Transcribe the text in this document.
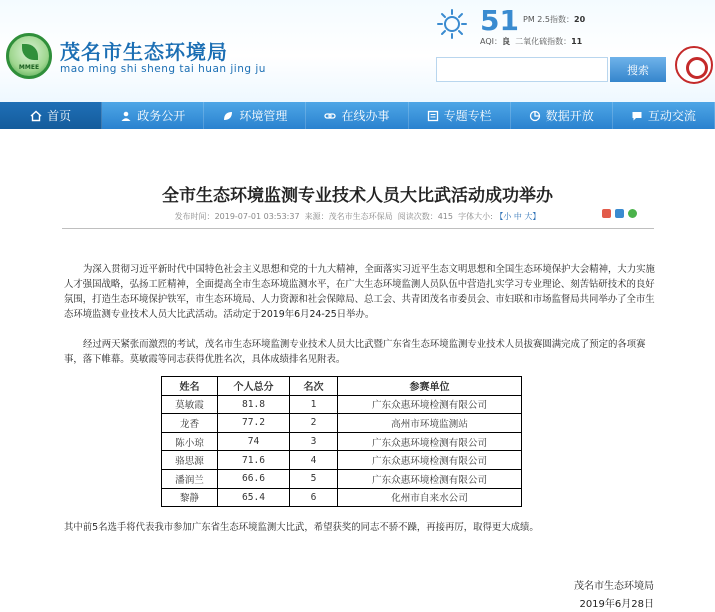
MMEE
茂名市生态环境局
mao ming shi sheng tai huan jing ju
51 PM 2.5指数：20
AQI：良 二氧化硫指数：11
搜索
首页	政务公开	环境管理	在线办事	专题专栏	数据开放	互动交流
全市生态环境监测专业技术人员大比武活动成功举办
发布时间：2019-07-01 03:53:37 来源：茂名市生态环保局 阅读次数：415 字体大小: 【小 中 大】

为深入贯彻习近平新时代中国特色社会主义思想和党的十九大精神，全面落实习近平生态文明思想和全国生态环境保护大会精神，大力实施人才强国战略，弘扬工匠精神，全面提高全市生态环境监测水平，在广大生态环境监测人员队伍中营造扎实学习专业理论、刻苦钻研技术的良好氛围，打造生态环境保护铁军，市生态环境局、人力资源和社会保障局、总工会、共青团茂名市委员会、市妇联和市场监督局共同举办了全市生态环境监测专业技术人员大比武活动。活动定于2019年6月24-25日举办。

经过两天紧张而激烈的考试，茂名市生态环境监测专业技术人员大比武暨广东省生态环境监测专业技术人员拔赛圆满完成了预定的各项赛事，落下帷幕。莫敏霞等同志获得优胜名次，具体成绩排名见附表。

姓名	个人总分	名次	参赛单位
莫敏霞	81.8	1	广东众惠环境检测有限公司
龙香	77.2	2	高州市环境监测站
陈小琼	74	3	广东众惠环境检测有限公司
骆思源	71.6	4	广东众惠环境检测有限公司
潘润兰	66.6	5	广东众惠环境检测有限公司
黎静	65.4	6	化州市自来水公司

其中前5名选手将代表我市参加广东省生态环境监测大比武，希望获奖的同志不骄不躁，再接再厉，取得更大成绩。

茂名市生态环境局
2019年6月28日
